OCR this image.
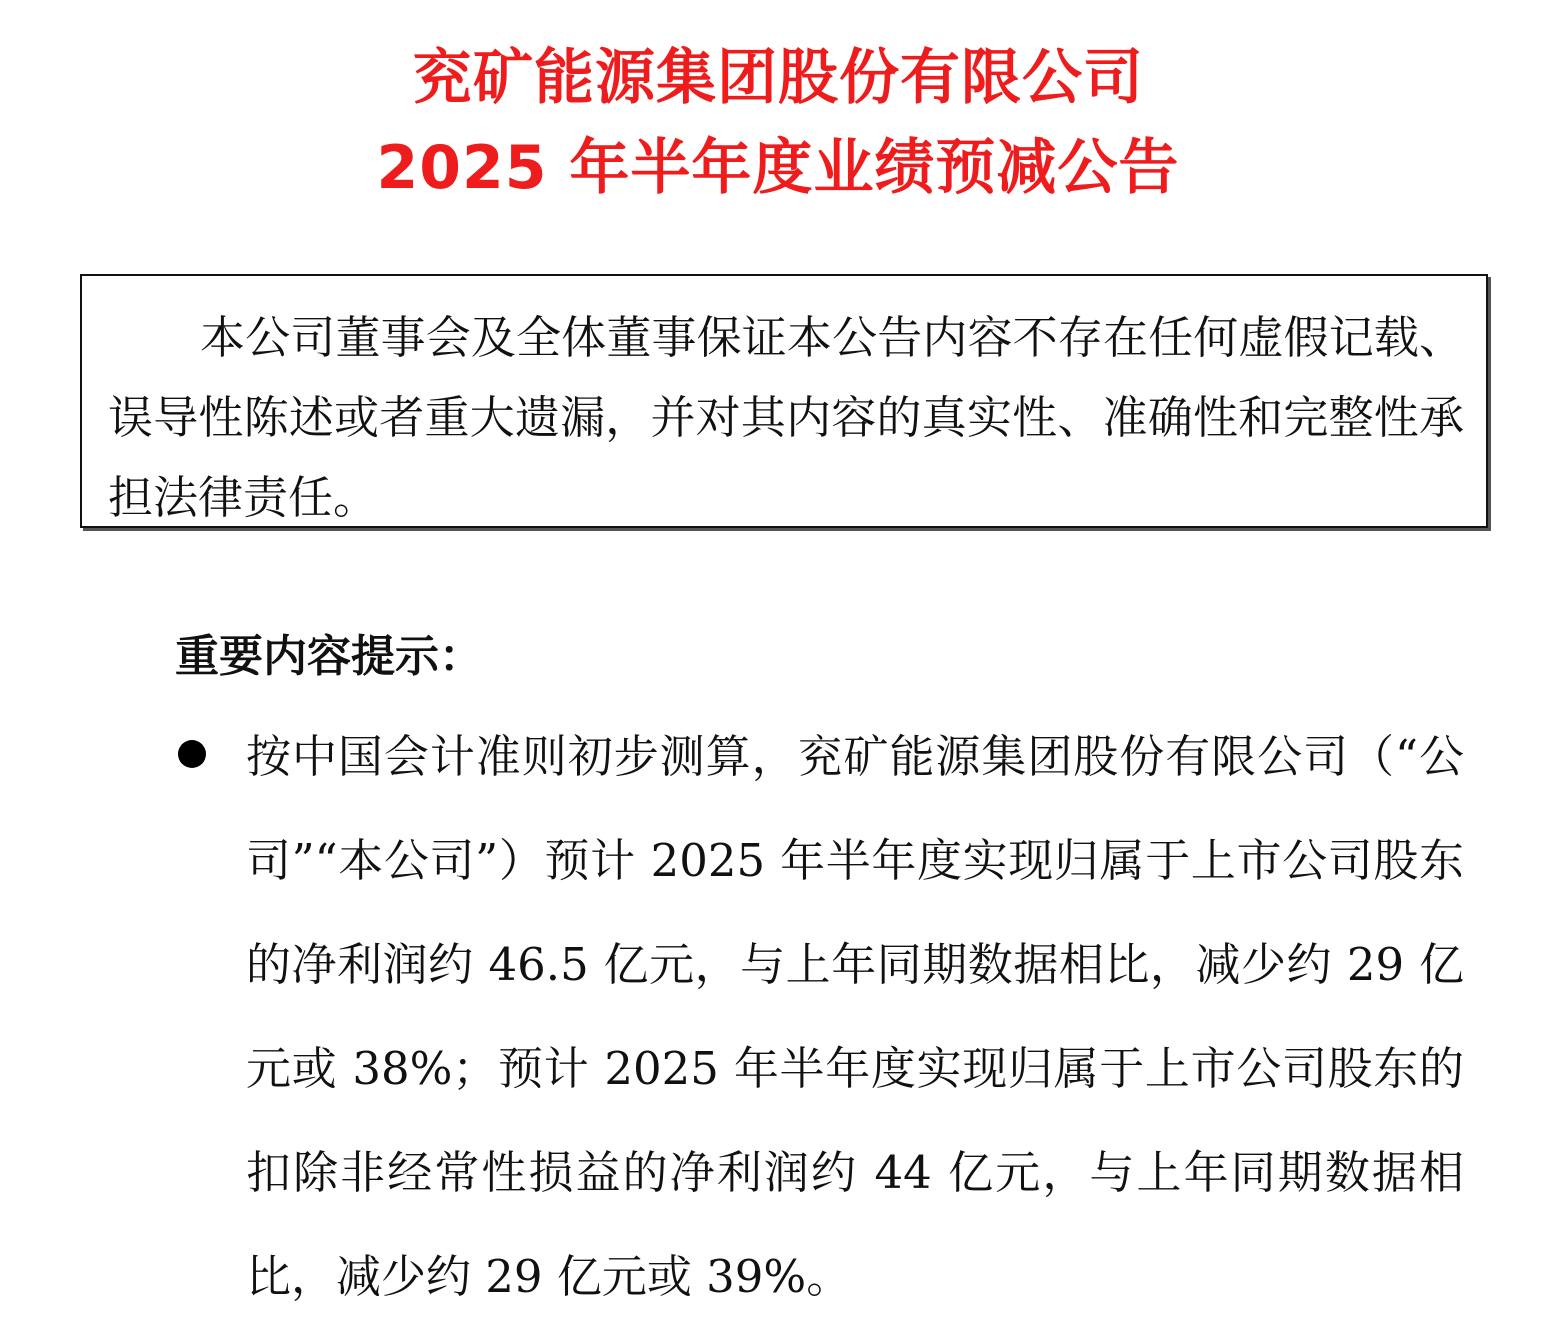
兖矿能源集团股份有限公司
2025 年半年度业绩预减公告

本公司董事会及全体董事保证本公告内容不存在任何虚假记载、误导性陈述或者重大遗漏，并对其内容的真实性、准确性和完整性承担法律责任。

重要内容提示：

按中国会计准则初步测算，兖矿能源集团股份有限公司（“公司”“本公司”）预计 2025 年半年度实现归属于上市公司股东的净利润约 46.5 亿元，与上年同期数据相比，减少约 29 亿元或 38%；预计 2025 年半年度实现归属于上市公司股东的扣除非经常性损益的净利润约 44 亿元，与上年同期数据相比，减少约 29 亿元或 39%。
